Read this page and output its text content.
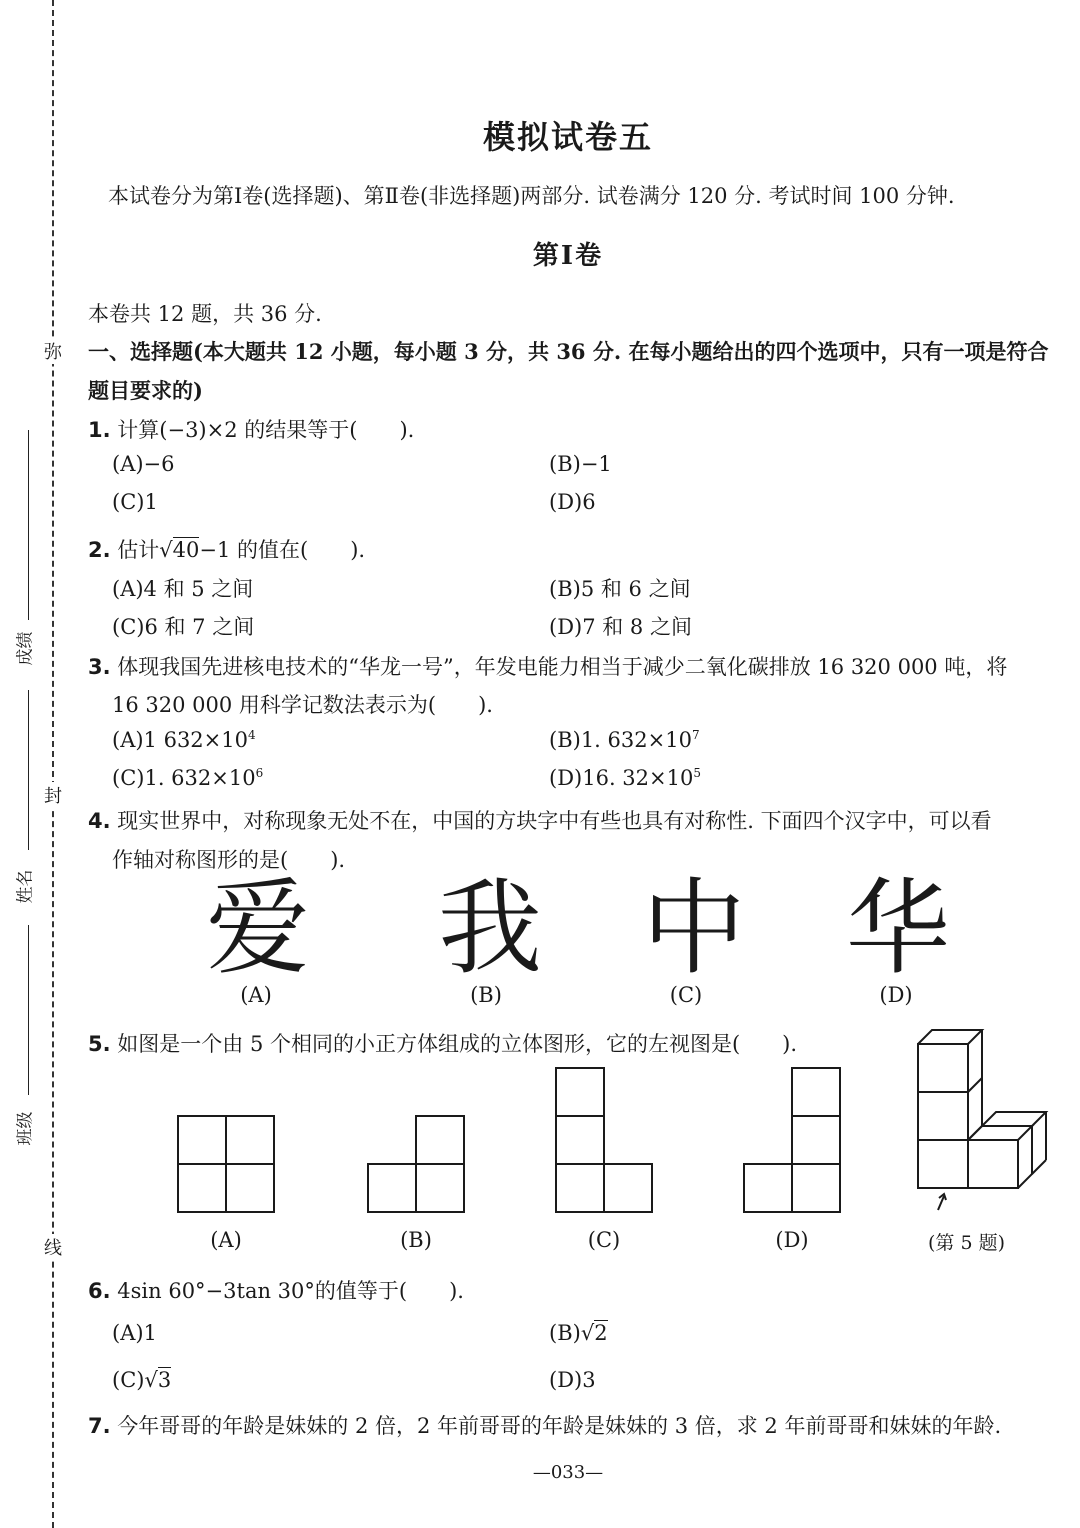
弥
封
线
成绩
姓名
班级
模拟试卷五
本试卷分为第Ⅰ卷(选择题)、第Ⅱ卷(非选择题)两部分. 试卷满分 120 分. 考试时间 100 分钟.
第Ⅰ卷
本卷共 12 题，共 36 分.
一、选择题(本大题共 12 小题，每小题 3 分，共 36 分. 在每小题给出的四个选项中，只有一项是符合
题目要求的)
1. 计算(−3)×2 的结果等于(　　).
(A)−6	(B)−1
(C)1	(D)6
2. 估计√40−1 的值在(　　).
(A)4 和 5 之间	(B)5 和 6 之间
(C)6 和 7 之间	(D)7 和 8 之间
3. 体现我国先进核电技术的“华龙一号”，年发电能力相当于减少二氧化碳排放 16 320 000 吨，将
16 320 000 用科学记数法表示为(　　).
(A)1 $632\times 10^4$	(B)1. $632\times 10^7$
(C)1. $632\times 10^6$	(D)16. $32\times 10^5$
4. 现实世界中，对称现象无处不在，中国的方块字中有些也具有对称性. 下面四个汉字中，可以看
作轴对称图形的是(　　).
爱 我 中 华
(A)	(B)	(C)	(D)
5. 如图是一个由 5 个相同的小正方体组成的立体图形，它的左视图是(　　).
(A)	(B)	(C)	(D)	(第 5 题)
6. 4sin 60°−3tan 30°的值等于(　　).
(A)1	(B)√2
(C)√3	(D)3
7. 今年哥哥的年龄是妹妹的 2 倍，2 年前哥哥的年龄是妹妹的 3 倍，求 2 年前哥哥和妹妹的年龄.
—033—
